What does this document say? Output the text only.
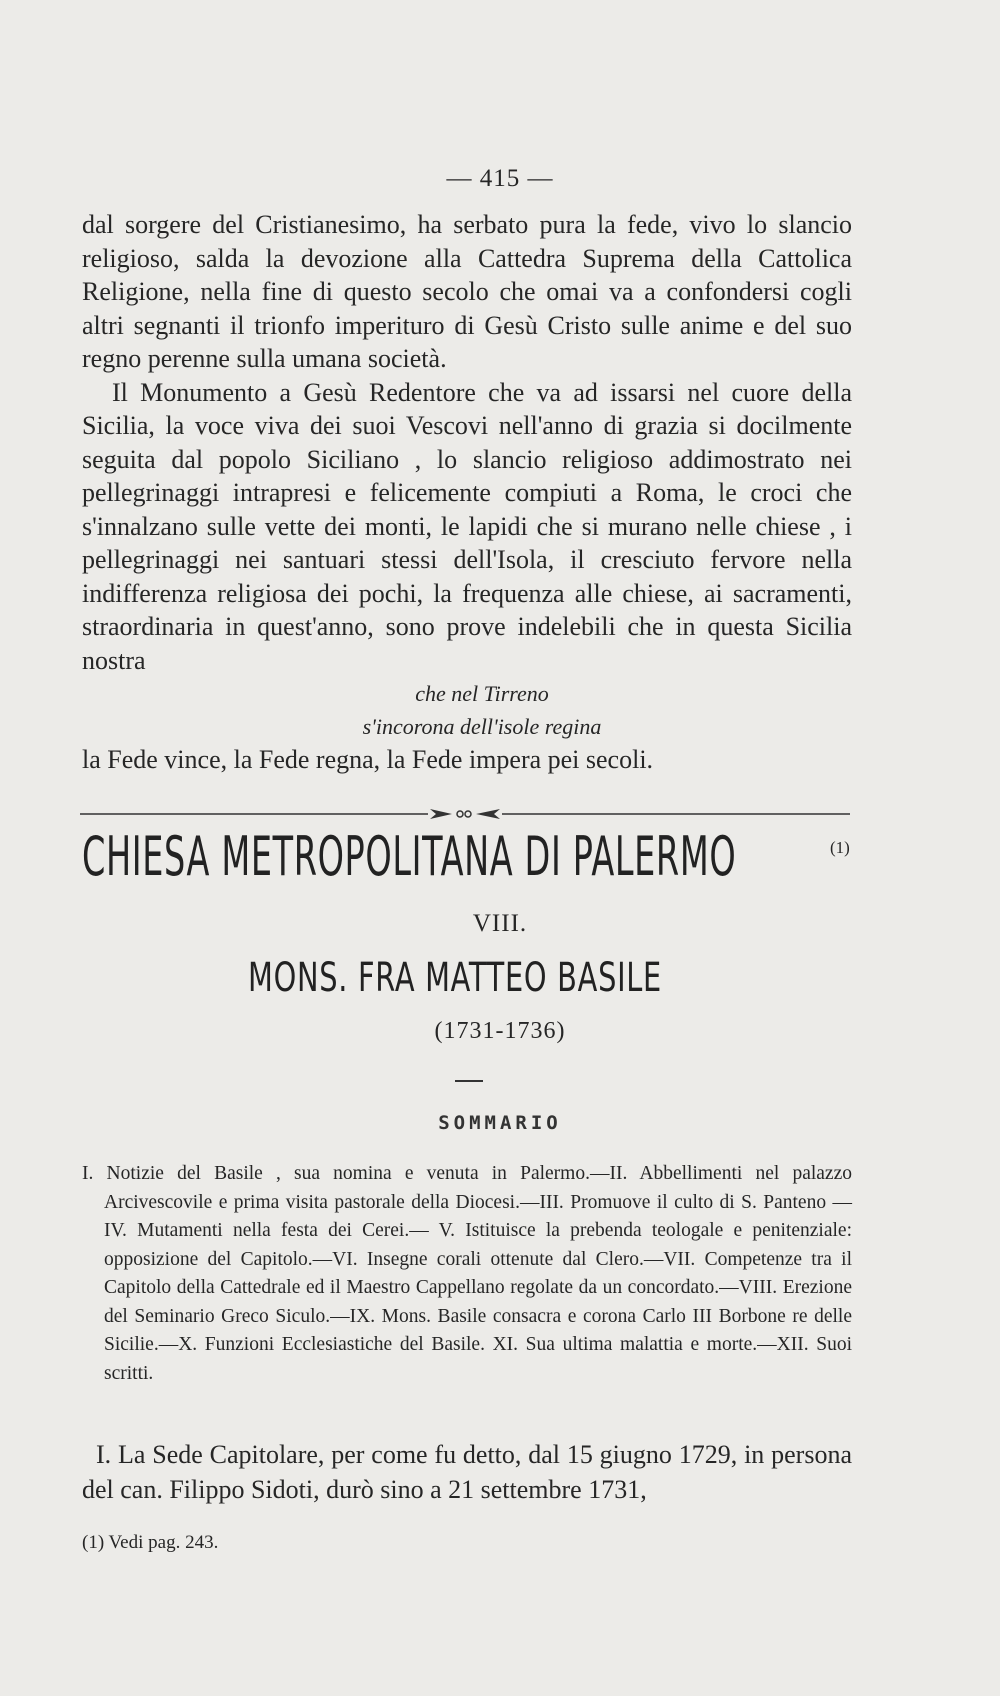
— 415 —

dal sorgere del Cristianesimo, ha serbato pura la fede, vivo lo slancio religioso, salda la devozione alla Cattedra Suprema della Cattolica Religione, nella fine di questo secolo che omai va a confondersi cogli altri segnanti il trionfo imperituro di Gesù Cristo sulle anime e del suo regno perenne sulla umana società.

Il Monumento a Gesù Redentore che va ad issarsi nel cuore della Sicilia, la voce viva dei suoi Vescovi nell'anno di grazia si docilmente seguita dal popolo Siciliano , lo slancio religioso addimostrato nei pellegrinaggi intrapresi e felicemente compiuti a Roma, le croci che s'innalzano sulle vette dei monti, le lapidi che si murano nelle chiese , i pellegrinaggi nei santuari stessi dell'Isola, il cresciuto fervore nella indifferenza religiosa dei pochi, la frequenza alle chiese, ai sacramenti, straordinaria in quest'anno, sono prove indelebili che in questa Sicilia nostra

che nel Tirreno
s'incorona dell'isole regina

la Fede vince, la Fede regna, la Fede impera pei secoli.

CHIESA METROPOLITANA DI PALERMO	(1)
VIII.
MONS. FRA MATTEO BASILE
(1731-1736)
SOMMARIO

I. Notizie del Basile , sua nomina e venuta in Palermo.—II. Abbellimenti nel palazzo Arcivescovile e prima visita pastorale della Diocesi.—III. Promuove il culto di S. Panteno —IV. Mutamenti nella festa dei Cerei.— V. Istituisce la prebenda teologale e penitenziale: opposizione del Capitolo.—VI. Insegne corali ottenute dal Clero.—VII. Competenze tra il Capitolo della Cattedrale ed il Maestro Cappellano regolate da un concordato.—VIII. Erezione del Seminario Greco Siculo.—IX. Mons. Basile consacra e corona Carlo III Borbone re delle Sicilie.—X. Funzioni Ecclesiastiche del Basile. XI. Sua ultima malattia e morte.—XII. Suoi scritti.

I. La Sede Capitolare, per come fu detto, dal 15 giugno 1729, in persona del can. Filippo Sidoti, durò sino a 21 settembre 1731,

(1) Vedi pag. 243.
